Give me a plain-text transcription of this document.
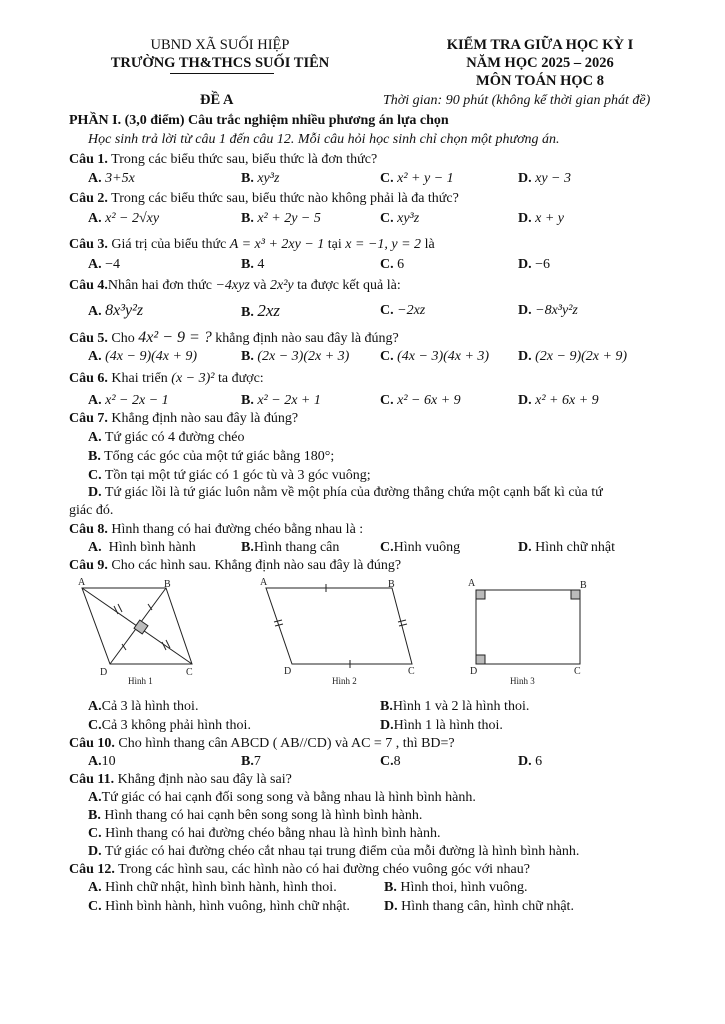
UBND XÃ SUỐI HIỆP
TRƯỜNG TH&THCS SUỐI TIÊN
KIỂM TRA GIỮA HỌC KỲ I
NĂM HỌC 2025 – 2026
MÔN TOÁN HỌC 8
ĐỀ A	Thời gian: 90 phút (không kể thời gian phát đề)
PHẦN I. (3,0 điểm) Câu trắc nghiệm nhiều phương án lựa chọn
Học sinh trả lời từ câu 1 đến câu 12. Mỗi câu hỏi học sinh chỉ chọn một phương án.
Câu 1. Trong các biểu thức sau, biểu thức là đơn thức?
A. 3+5x	B. xy³z	C. x² + y − 1	D. xy − 3
Câu 2. Trong các biểu thức sau, biểu thức nào không phải là đa thức?
A. x² − 2√xy	B. x² + 2y − 5	C. xy³z	D. x + y
Câu 3. Giá trị của biểu thức A = x³ + 2xy − 1 tại x = −1, y = 2 là
A. −4	B. 4	C. 6	D. −6
Câu 4.Nhân hai đơn thức −4xyz và 2x²y ta được kết quả là:
A. 8x³y²z	B. 2xz	C. −2xz	D. −8x³y²z
Câu 5. Cho 4x² − 9 = ? khẳng định nào sau đây là đúng?
A. (4x − 9)(4x + 9)	B. (2x − 3)(2x + 3) C. (4x − 3)(4x + 3) D. (2x − 9)(2x + 9)
Câu 6. Khai triển (x − 3)² ta được:
A. x² − 2x − 1	B. x² − 2x + 1	C. x² − 6x + 9	D. x² + 6x + 9
Câu 7. Khẳng định nào sau đây là đúng?
A. Tứ giác có 4 đường chéo
B. Tổng các góc của một tứ giác bằng 180°;
C. Tồn tại một tứ giác có 1 góc tù và 3 góc vuông;
D. Tứ giác lồi là tứ giác luôn nằm về một phía của đường thẳng chứa một cạnh bất kì của tứ
giác đó.
Câu 8. Hình thang có hai đường chéo bằng nhau là :
A. Hình bình hành	B.Hình thang cân	C.Hình vuông	D. Hình chữ nhật
Câu 9. Cho các hình sau. Khẳng định nào sau đây là đúng?
A	B
C
D
Hình 1
A	B
C
D
Hình 2
A	B
C
D
Hình 3
A.Cả 3 là hình thoi.	B.Hình 1 và 2 là hình thoi.
C.Cả 3 không phải hình thoi.	D.Hình 1 là hình thoi.
Câu 10. Cho hình thang cân ABCD ( AB//CD) và AC = 7 , thì BD=?
A.10	B.7	C.8	D. 6
Câu 11. Khẳng định nào sau đây là sai?
A.Tứ giác có hai cạnh đối song song và bằng nhau là hình bình hành.
B. Hình thang có hai cạnh bên song song là hình bình hành.
C. Hình thang có hai đường chéo bằng nhau là hình bình hành.
D. Tứ giác có hai đường chéo cắt nhau tại trung điểm của mỗi đường là hình bình hành.
Câu 12. Trong các hình sau, các hình nào có hai đường chéo vuông góc với nhau?
A. Hình chữ nhật, hình bình hành, hình thoi.	B. Hình thoi, hình vuông.
C. Hình bình hành, hình vuông, hình chữ nhật. D. Hình thang cân, hình chữ nhật.
